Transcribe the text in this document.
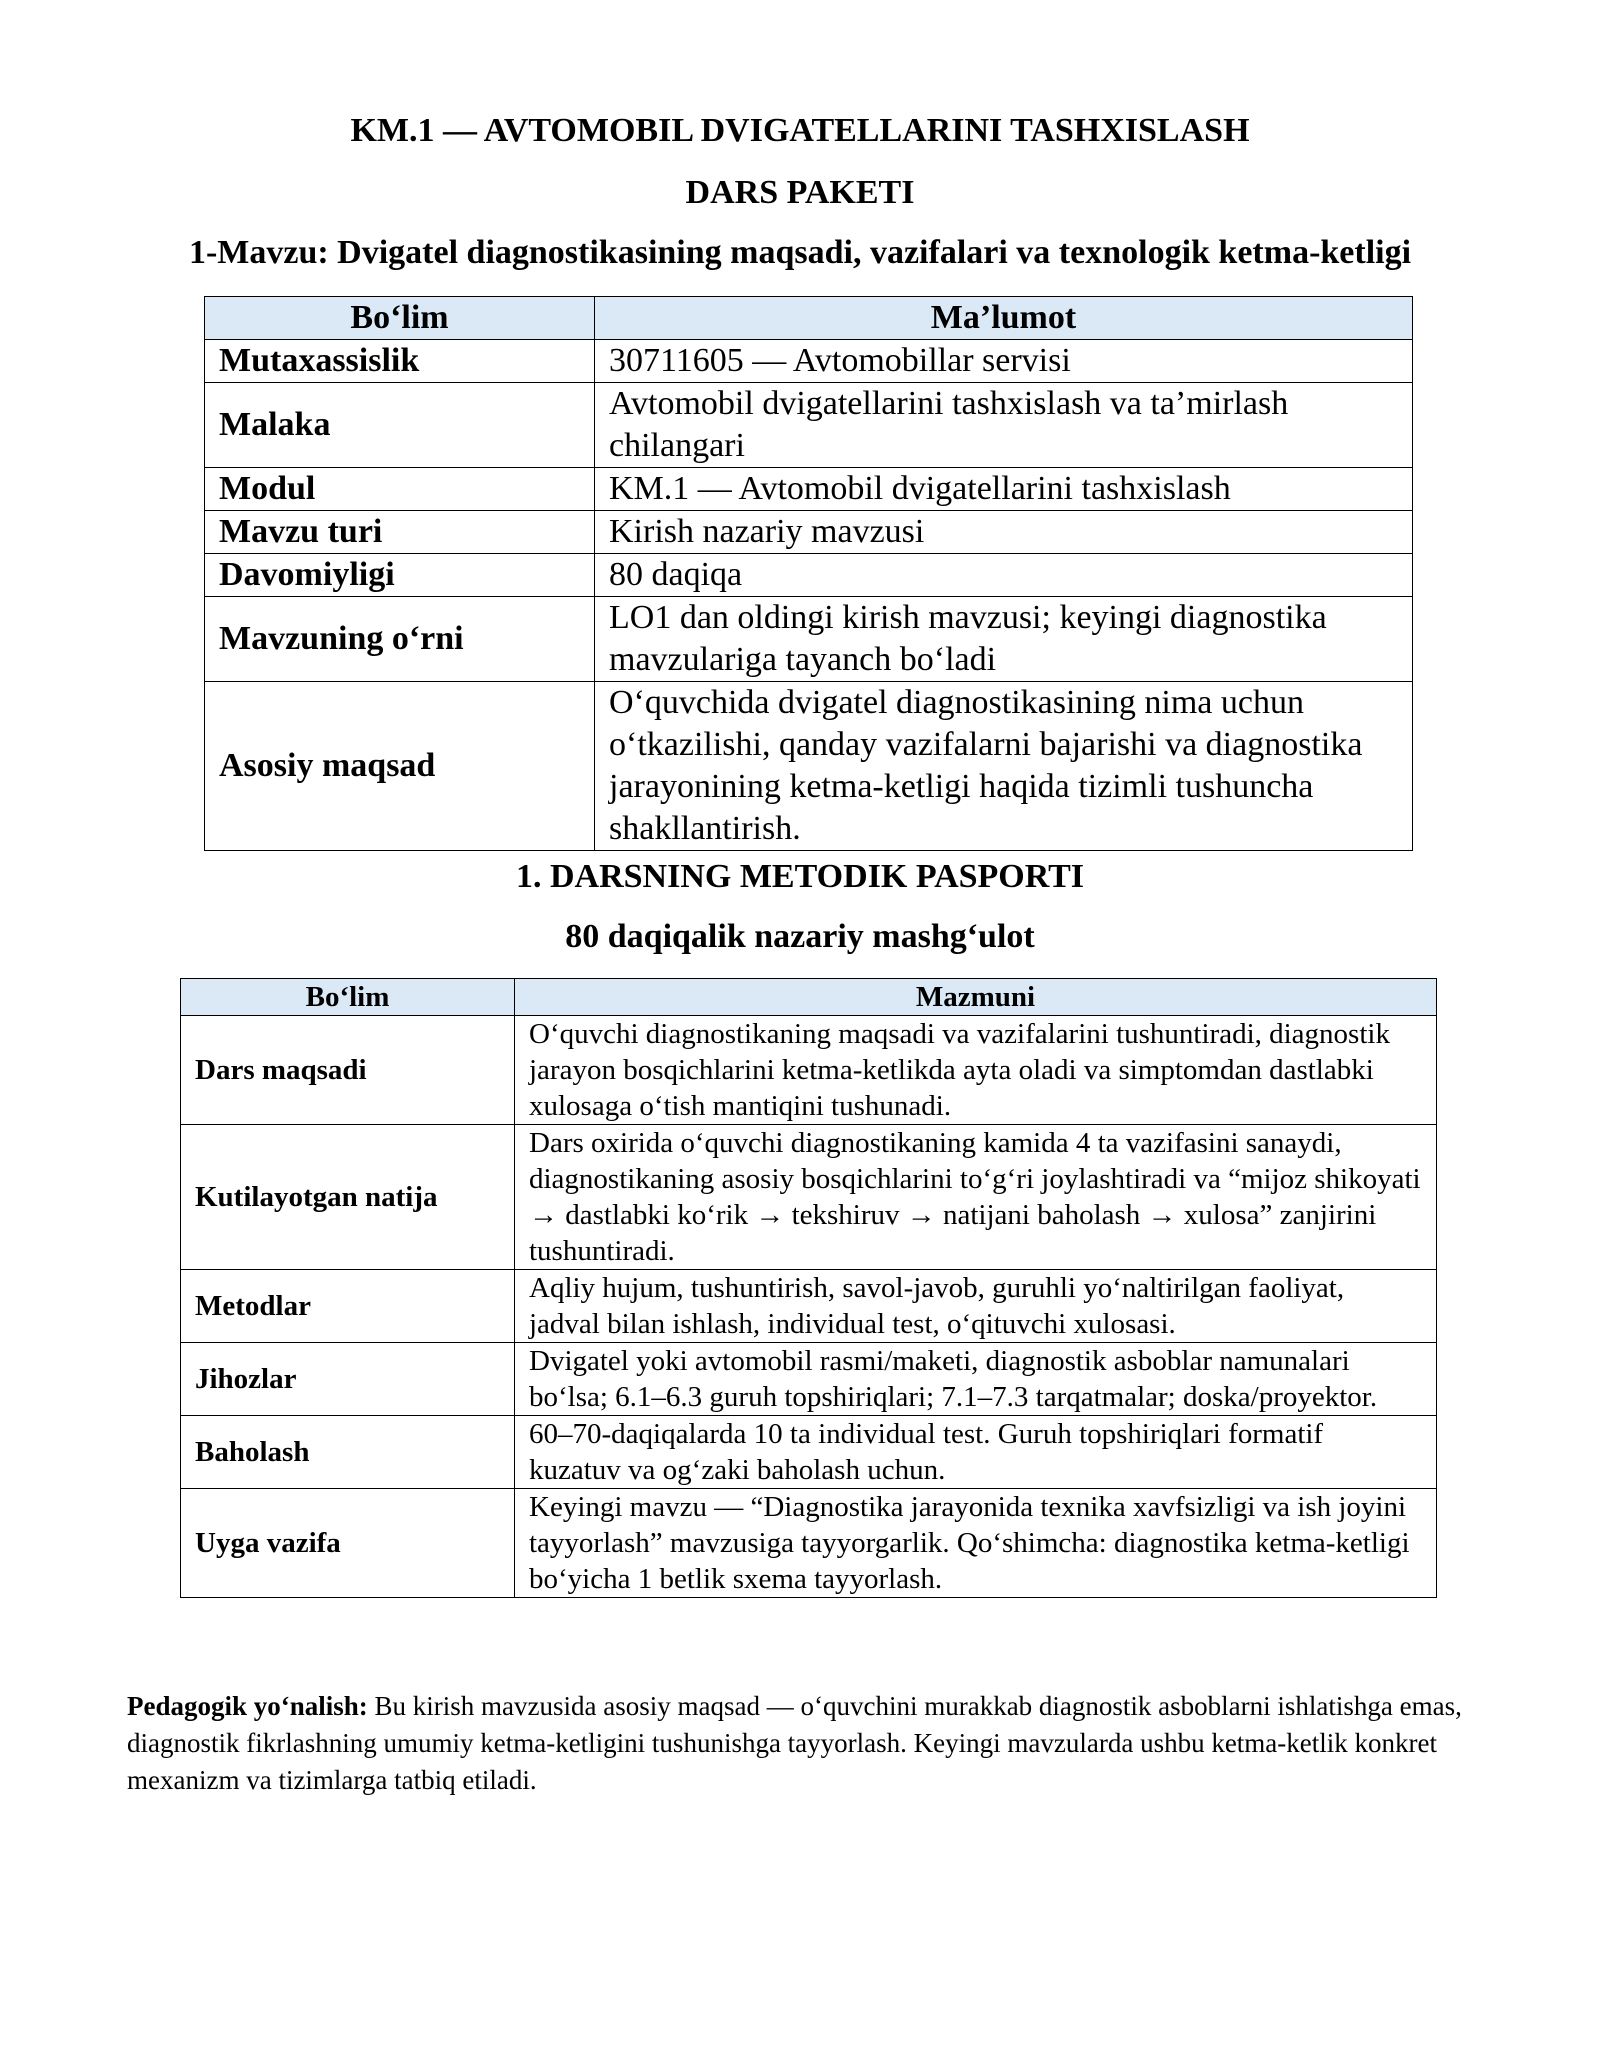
KM.1 — AVTOMOBIL DVIGATELLARINI TASHXISLASH
DARS PAKETI
1-Mavzu: Dvigatel diagnostikasining maqsadi, vazifalari va texnologik ketma-ketligi
Bo‘lim	Ma’lumot
Mutaxassislik	30711605 — Avtomobillar servisi
Malaka	Avtomobil dvigatellarini tashxislash va ta’mirlash chilangari
Modul	KM.1 — Avtomobil dvigatellarini tashxislash
Mavzu turi	Kirish nazariy mavzusi
Davomiyligi	80 daqiqa
Mavzuning o‘rni	LO1 dan oldingi kirish mavzusi; keyingi diagnostika mavzulariga tayanch bo‘ladi
Asosiy maqsad	O‘quvchida dvigatel diagnostikasining nima uchun o‘tkazilishi, qanday vazifalarni bajarishi va diagnostika jarayonining ketma-ketligi haqida tizimli tushuncha shakllantirish.
1. DARSNING METODIK PASPORTI
80 daqiqalik nazariy mashg‘ulot
Bo‘lim	Mazmuni
Dars maqsadi	O‘quvchi diagnostikaning maqsadi va vazifalarini tushuntiradi, diagnostik jarayon bosqichlarini ketma-ketlikda ayta oladi va simptomdan dastlabki xulosaga o‘tish mantiqini tushunadi.
Kutilayotgan natija	Dars oxirida o‘quvchi diagnostikaning kamida 4 ta vazifasini sanaydi, diagnostikaning asosiy bosqichlarini to‘g‘ri joylashtiradi va “mijoz shikoyati → dastlabki ko‘rik → tekshiruv → natijani baholash → xulosa” zanjirini tushuntiradi.
Metodlar	Aqliy hujum, tushuntirish, savol-javob, guruhli yo‘naltirilgan faoliyat, jadval bilan ishlash, individual test, o‘qituvchi xulosasi.
Jihozlar	Dvigatel yoki avtomobil rasmi/maketi, diagnostik asboblar namunalari bo‘lsa; 6.1–6.3 guruh topshiriqlari; 7.1–7.3 tarqatmalar; doska/proyektor.
Baholash	60–70-daqiqalarda 10 ta individual test. Guruh topshiriqlari formatif kuzatuv va og‘zaki baholash uchun.
Uyga vazifa	Keyingi mavzu — “Diagnostika jarayonida texnika xavfsizligi va ish joyini tayyorlash” mavzusiga tayyorgarlik. Qo‘shimcha: diagnostika ketma-ketligi bo‘yicha 1 betlik sxema tayyorlash.

Pedagogik yo‘nalish: Bu kirish mavzusida asosiy maqsad — o‘quvchini murakkab diagnostik asboblarni ishlatishga emas, diagnostik fikrlashning umumiy ketma-ketligini tushunishga tayyorlash. Keyingi mavzularda ushbu ketma-ketlik konkret mexanizm va tizimlarga tatbiq etiladi.
